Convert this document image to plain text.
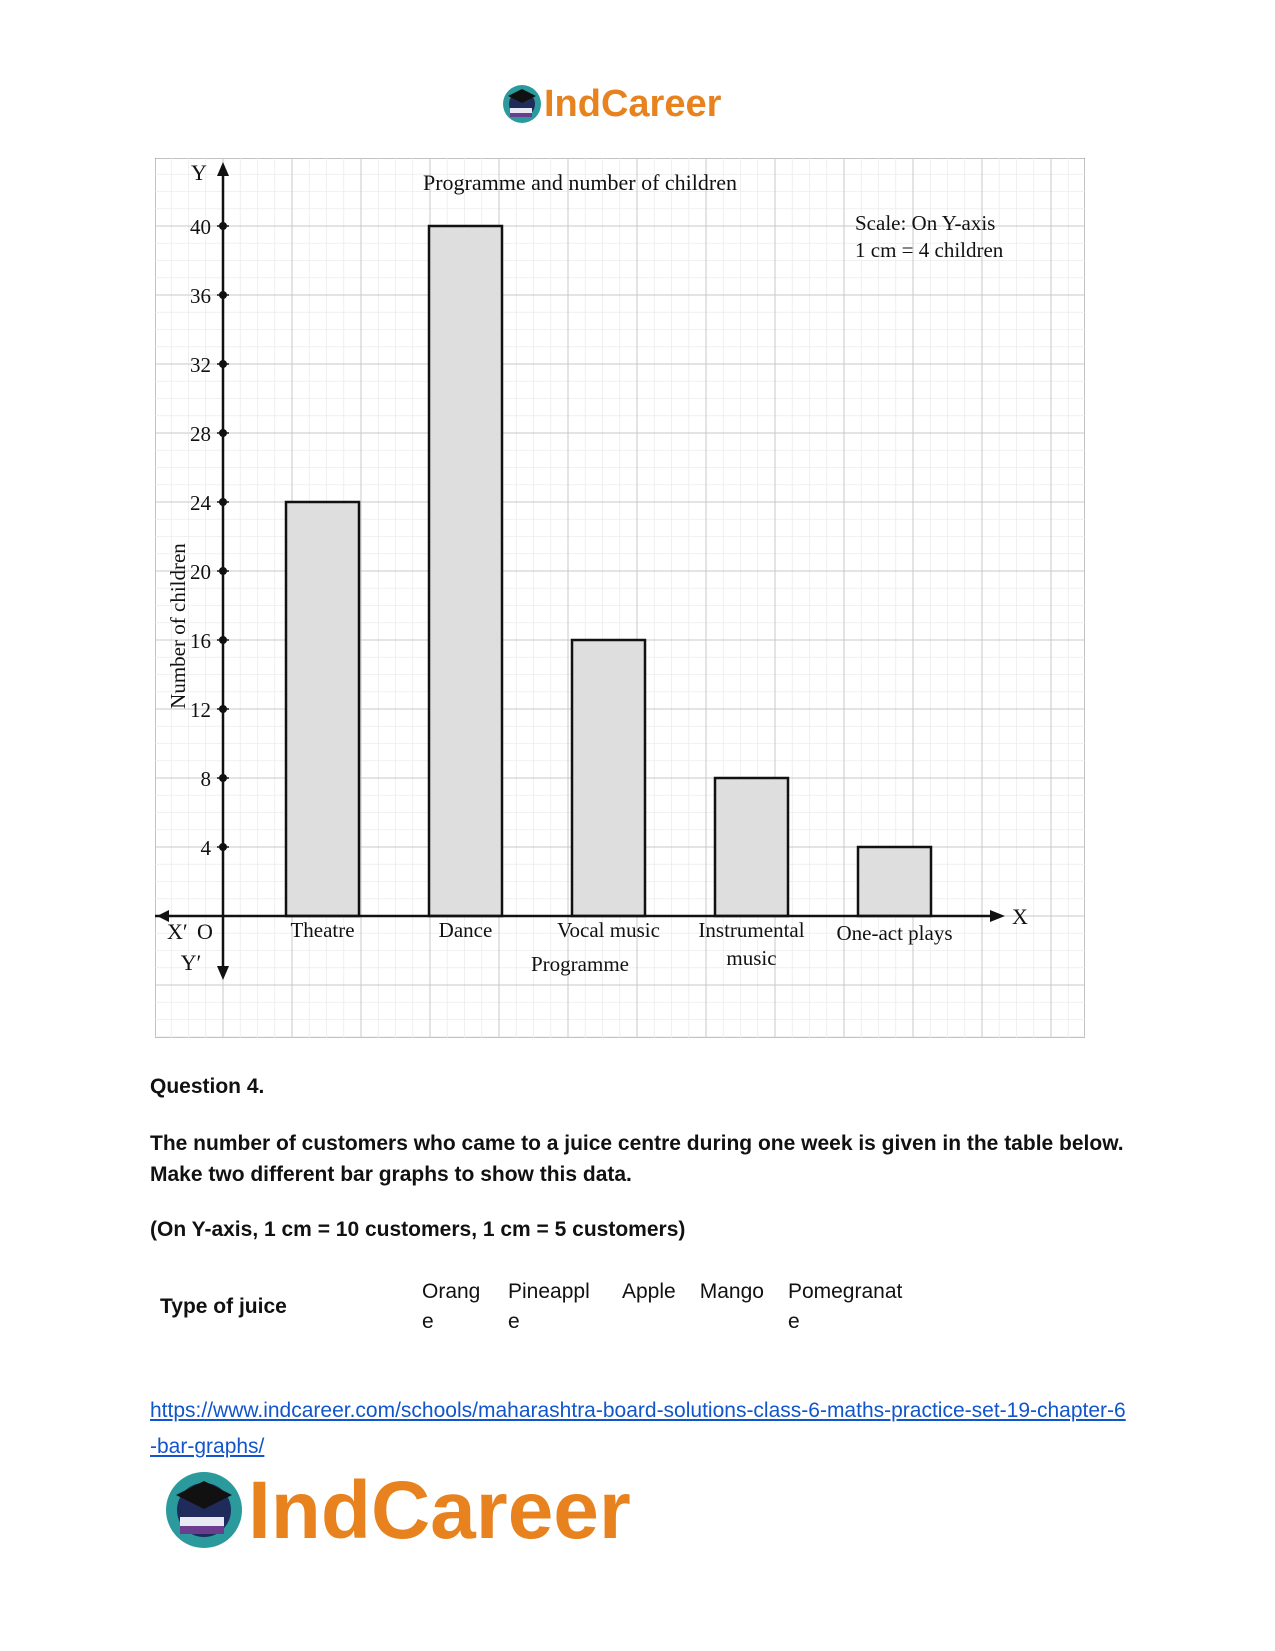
IndCareer
4
8
12
16
20
24
28
32
36
40
Y
Y′
X
X′ O	Theatre	Dance	Vocal music Instrumental
music
One-act plays
Programme and number of children
Programme
Number of children
Scale: On Y-axis
1 cm = 4 children

Question 4.

The number of customers who came to a juice centre during one week is given in the table below. Make two different bar graphs to show this data.

(On Y-axis, 1 cm = 10 customers, 1 cm = 5 customers)

Type of juice	Orange	Pineapple	Apple	Mango	Pomegranate
https://www.indcareer.com/schools/maharashtra-board-solutions-class-6-maths-practice-set-19-chapter-6-bar-graphs/
IndCareer
